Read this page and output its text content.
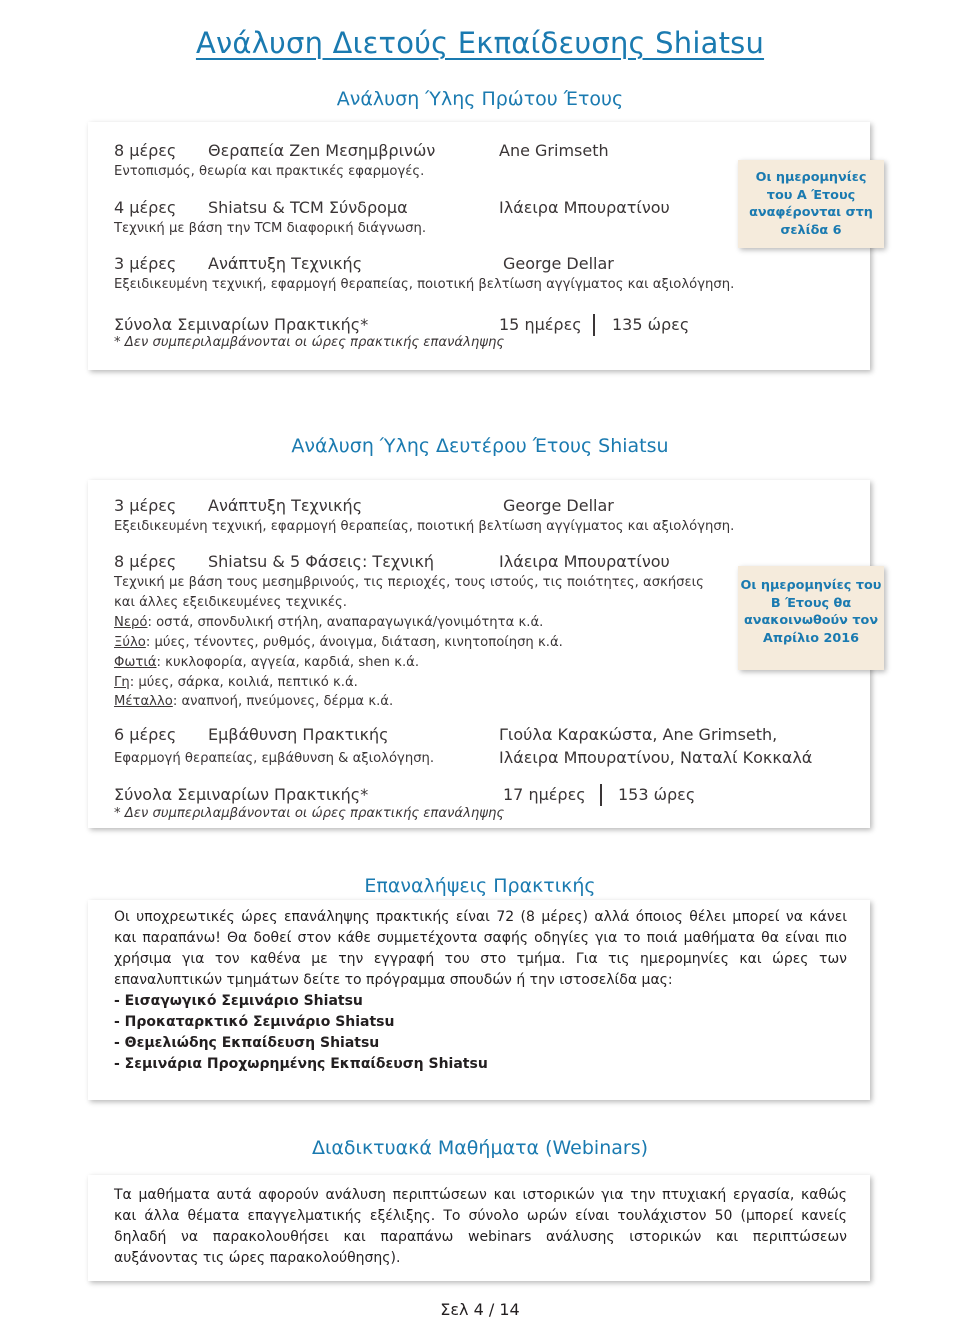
Ανάλυση Διετούς Εκπαίδευσης Shiatsu
Ανάλυση Ύλης Πρώτου Έτους
8 μέρες Θεραπεία Zen Μεσημβρινών	Ane Grimseth
Εντοπισμός, θεωρία και πρακτικές εφαρμογές.
4 μέρες Shiatsu & TCM Σύνδρομα	Ιλάειρα Μπουρατίνου
Τεχνική με βάση την TCM διαφορική διάγνωση.
3 μέρες Ανάπτυξη Τεχνικής	George Dellar
Εξειδικευμένη τεχνική, εφαρμογή θεραπείας, ποιοτική βελτίωση αγγίγματος και αξιολόγηση.
Σύνολα Σεμιναρίων Πρακτικής*	15 ημέρες 135 ώρες
* Δεν συμπεριλαμβάνονται οι ώρες πρακτικής επανάληψης
Οι ημερομηνίες
του Α Έτους
αναφέρονται στη
σελίδα 6
Ανάλυση Ύλης Δευτέρου Έτους Shiatsu
3 μέρες Ανάπτυξη Τεχνικής	George Dellar
Εξειδικευμένη τεχνική, εφαρμογή θεραπείας, ποιοτική βελτίωση αγγίγματος και αξιολόγηση.
8 μέρες Shiatsu & 5 Φάσεις: Τεχνική	Ιλάειρα Μπουρατίνου
Τεχνική με βάση τους μεσημβρινούς, τις περιοχές, τους ιστούς, τις ποιότητες, ασκήσεις
και άλλες εξειδικευμένες τεχνικές.
Νερό: οστά, σπονδυλική στήλη, αναπαραγωγικά/γονιμότητα κ.ά.
Ξύλο: μύες, τένοντες, ρυθμός, άνοιγμα, διάταση, κινητοποίηση κ.ά.
Φωτιά: κυκλοφορία, αγγεία, καρδιά, shen κ.ά.
Γη: μύες, σάρκα, κοιλιά, πεπτικό κ.ά.
Μέταλλο: αναπνοή, πνεύμονες, δέρμα κ.ά.
6 μέρες Εμβάθυνση Πρακτικής	Γιούλα Καρακώστα, Ane Grimseth,
Ιλάειρα Μπουρατίνου, Ναταλί Κοκκαλά
Εφαρμογή θεραπείας, εμβάθυνση & αξιολόγηση.
Σύνολα Σεμιναρίων Πρακτικής*	17 ημέρες 153 ώρες
* Δεν συμπεριλαμβάνονται οι ώρες πρακτικής επανάληψης
Οι ημερομηνίες του
Β Έτους θα
ανακοινωθούν τον
Απρίλιο 2016
Επαναλήψεις Πρακτικής
Οι υποχρεωτικές ώρες επανάληψης πρακτικής είναι 72 (8 μέρες) αλλά όποιος θέλει μπορεί να κάνει
και παραπάνω! Θα δοθεί στον κάθε συμμετέχοντα σαφής οδηγίες για το ποιά μαθήματα θα είναι πιο
χρήσιμα για τον καθένα με την εγγραφή του στο τμήμα. Για τις ημερομηνίες και ώρες των
επαναλυπτικών τμημάτων δείτε το πρόγραμμα σπουδών ή την ιστοσελίδα μας:
- Εισαγωγικό Σεμινάριο Shiatsu
- Προκαταρκτικό Σεμινάριο Shiatsu
- Θεμελιώδης Εκπαίδευση Shiatsu
- Σεμινάρια Προχωρημένης Εκπαίδευση Shiatsu
Διαδικτυακά Μαθήματα (Webinars)
Τα μαθήματα αυτά αφορούν ανάλυση περιπτώσεων και ιστορικών για την πτυχιακή εργασία, καθώς
και άλλα θέματα επαγγελματικής εξέλιξης. Το σύνολο ωρών είναι τουλάχιστον 50 (μπορεί κανείς
δηλαδή να παρακολουθήσει και παραπάνω webinars ανάλυσης ιστορικών και περιπτώσεων
αυξάνοντας τις ώρες παρακολούθησης).
Σελ 4 / 14
